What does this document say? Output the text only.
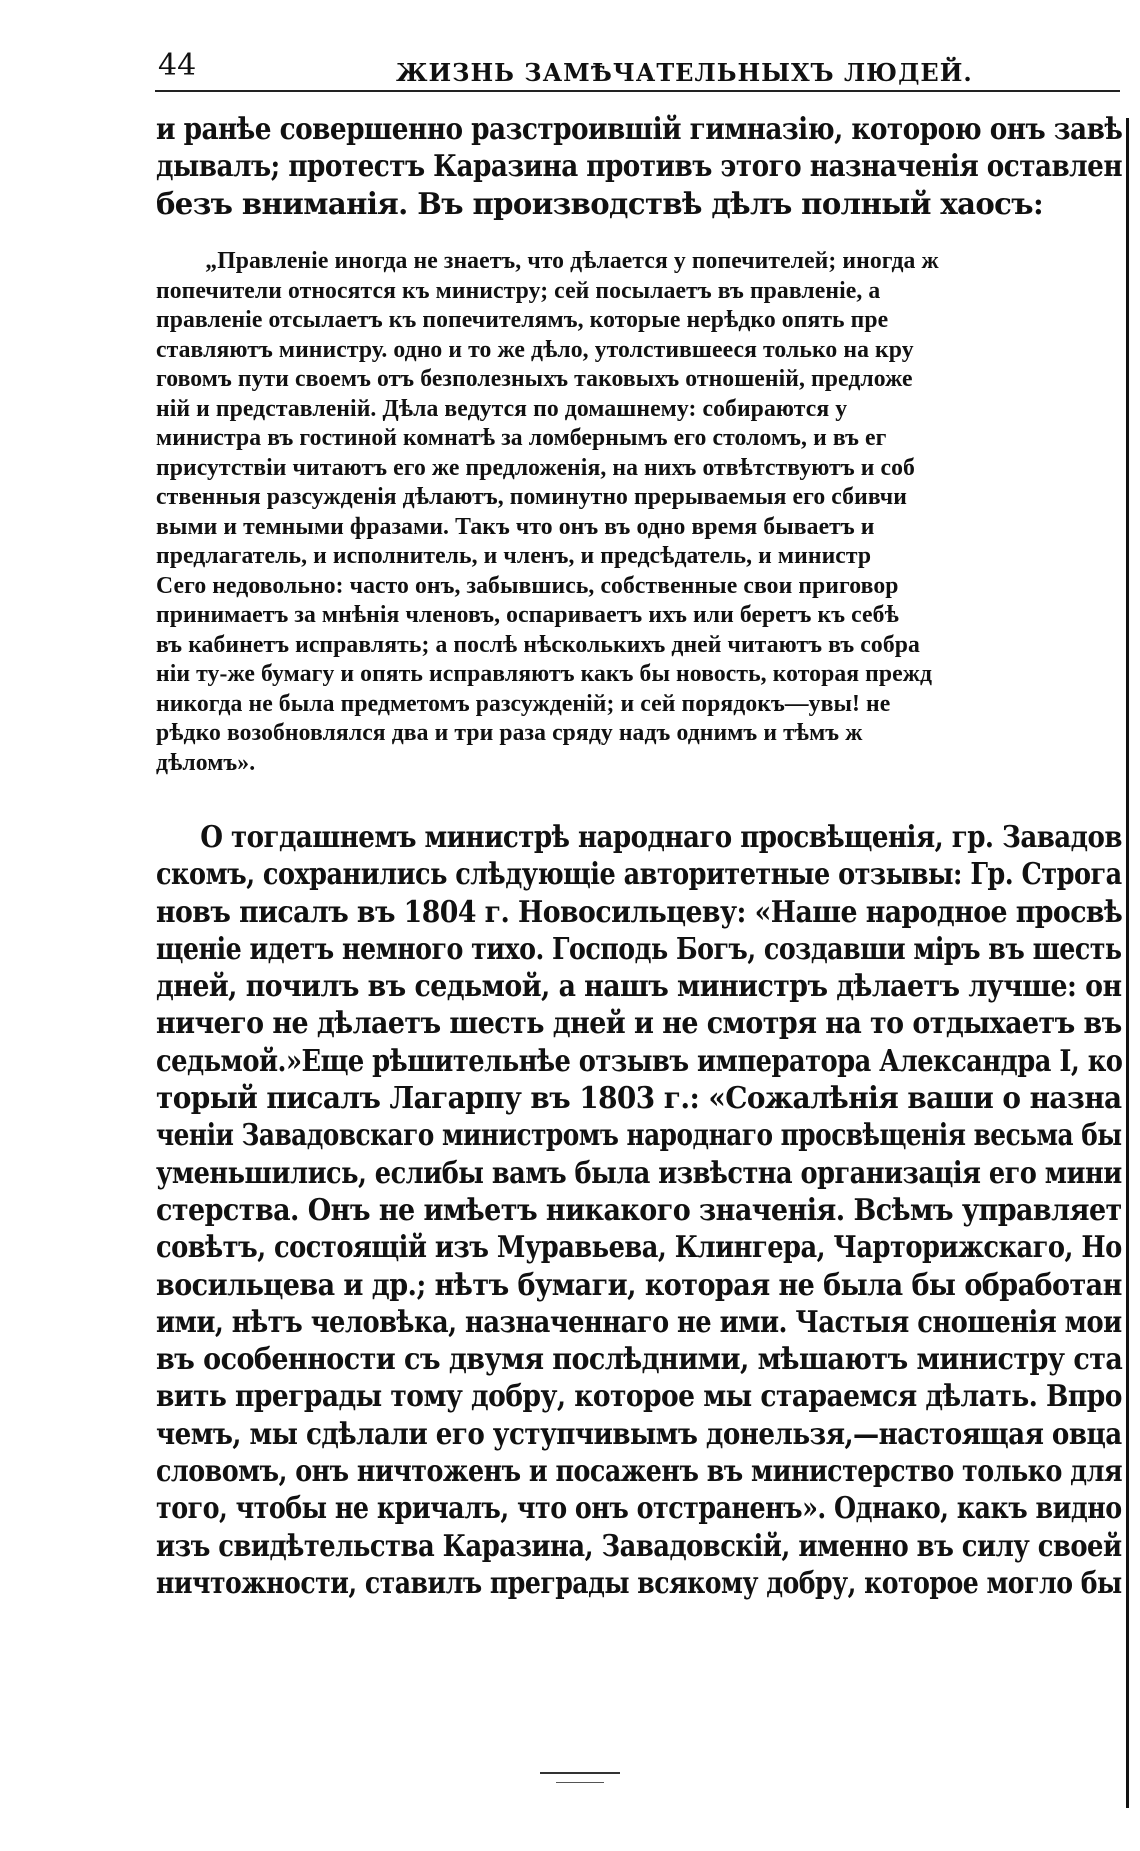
44	ЖИЗНЬ ЗАМѢЧАТЕЛЬНЫХЪ ЛЮДЕЙ.
и ранѣе совершенно разстроившій гимназію, которою онъ завѣ
дывалъ; протестъ Каразина противъ этого назначенія оставлен
безъ вниманія. Въ производствѣ дѣлъ полный хаосъ:
„Правленіе иногда не знаетъ, что дѣлается у попечителей; иногда ж
попечители относятся къ министру; сей посылаетъ въ правленіе, а
правленіе отсылаетъ къ попечителямъ, которые нерѣдко опять пре
ставляютъ министру. одно и то же дѣло, утолстившееся только на кру
говомъ пути своемъ отъ безполезныхъ таковыхъ отношеній, предложе
ній и представленій. Дѣла ведутся по домашнему: собираются у
министра въ гостиной комнатѣ за ломбернымъ его столомъ, и въ ег
присутствіи читаютъ его же предложенія, на нихъ отвѣтствуютъ и соб
ственныя разсужденія дѣлаютъ, поминутно прерываемыя его сбивчи
выми и темными фразами. Такъ что онъ въ одно время бываетъ и
предлагатель, и исполнитель, и членъ, и предсѣдатель, и министр
Сего недовольно: часто онъ, забывшись, собственные свои приговор
принимаетъ за мнѣнія членовъ, оспариваетъ ихъ или беретъ къ себѣ
въ кабинетъ исправлять; а послѣ нѣсколькихъ дней читаютъ въ собра
ніи ту-же бумагу и опять исправляютъ какъ бы новость, которая прежд
никогда не была предметомъ разсужденій; и сей порядокъ—увы! не
рѣдко возобновлялся два и три раза сряду надъ однимъ и тѣмъ ж
дѣломъ».
О тогдашнемъ министрѣ народнаго просвѣщенія, гр. Завадов
скомъ, сохранились слѣдующіе авторитетные отзывы: Гр. Строга
новъ писалъ въ 1804 г. Новосильцеву: «Наше народное просвѣ
щеніе идетъ немного тихо. Господь Богъ, создавши міръ въ шесть
дней, почилъ въ седьмой, а нашъ министръ дѣлаетъ лучше: он
ничего не дѣлаетъ шесть дней и не смотря на то отдыхаетъ въ
седьмой.»Еще рѣшительнѣе отзывъ императора Александра I, ко
торый писалъ Лагарпу въ 1803 г.: «Сожалѣнія ваши о назна
ченіи Завадовскаго министромъ народнаго просвѣщенія весьма бы
уменьшились, еслибы вамъ была извѣстна организація его мини
стерства. Онъ не имѣетъ никакого значенія. Всѣмъ управляет
совѣтъ, состоящій изъ Муравьева, Клингера, Чарторижскаго, Но
восильцева и др.; нѣтъ бумаги, которая не была бы обработан
ими, нѣтъ человѣка, назначеннаго не ими. Частыя сношенія мои
въ особенности съ двумя послѣдними, мѣшаютъ министру ста
вить преграды тому добру, которое мы стараемся дѣлать. Впро
чемъ, мы сдѣлали его уступчивымъ донельзя,—настоящая овца
словомъ, онъ ничтоженъ и посаженъ въ министерство только для
того, чтобы не кричалъ, что онъ отстраненъ». Однако, какъ видно
изъ свидѣтельства Каразина, Завадовскій, именно въ силу своей
ничтожности, ставилъ преграды всякому добру, которое могло бы
